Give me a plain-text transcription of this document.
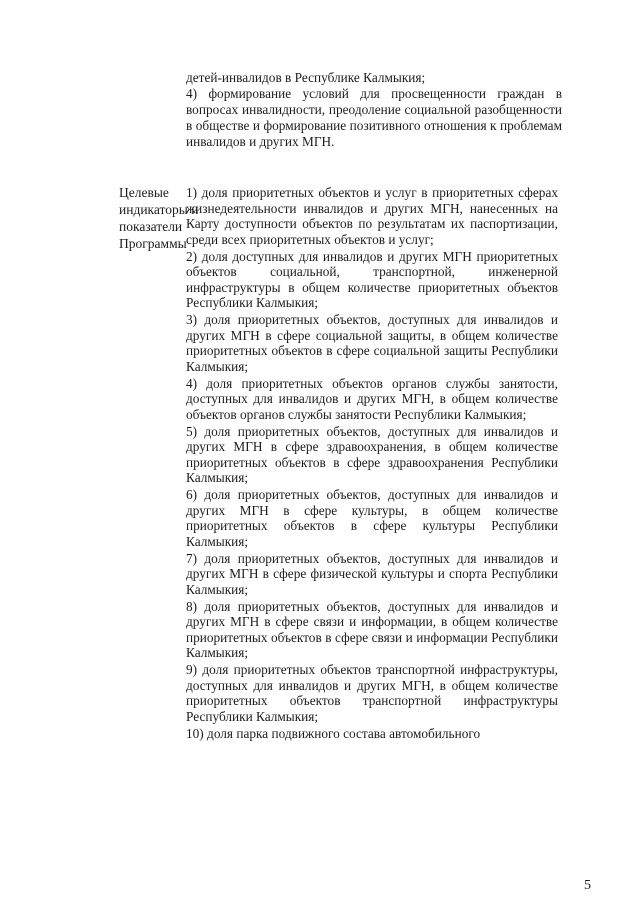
детей-инвалидов в Республике Калмыкия;

4) формирование условий для просвещенности граждан в вопросах инвалидности, преодоление социальной разобщенности в обществе и формирование позитивного отношения к проблемам инвалидов и других МГН.

Целевые индикаторы и показатели Программы

1) доля приоритетных объектов и услуг в приоритетных сферах жизнедеятельности инвалидов и других МГН, нанесенных на Карту доступности объектов по результатам их паспортизации, среди всех приоритетных объектов и услуг;

2) доля доступных для инвалидов и других МГН приоритетных объектов социальной, транспортной, инженерной инфраструктуры в общем количестве приоритетных объектов Республики Калмыкия;

3) доля приоритетных объектов, доступных для инвалидов и других МГН в сфере социальной защиты, в общем количестве приоритетных объектов в сфере социальной защиты Республики Калмыкия;

4) доля приоритетных объектов органов службы занятости, доступных для инвалидов и других МГН, в общем количестве объектов органов службы занятости Республики Калмыкия;

5) доля приоритетных объектов, доступных для инвалидов и других МГН в сфере здравоохранения, в общем количестве приоритетных объектов в сфере здравоохранения Республики Калмыкия;

6) доля приоритетных объектов, доступных для инвалидов и других МГН в сфере культуры, в общем количестве приоритетных объектов в сфере культуры Республики Калмыкия;

7) доля приоритетных объектов, доступных для инвалидов и других МГН в сфере физической культуры и спорта Республики Калмыкия;

8) доля приоритетных объектов, доступных для инвалидов и других МГН в сфере связи и информации, в общем количестве приоритетных объектов в сфере связи и информации Республики Калмыкия;

9) доля приоритетных объектов транспортной инфраструктуры, доступных для инвалидов и других МГН, в общем количестве приоритетных объектов транспортной инфраструктуры Республики Калмыкия;

10) доля парка подвижного состава автомобильного

5
